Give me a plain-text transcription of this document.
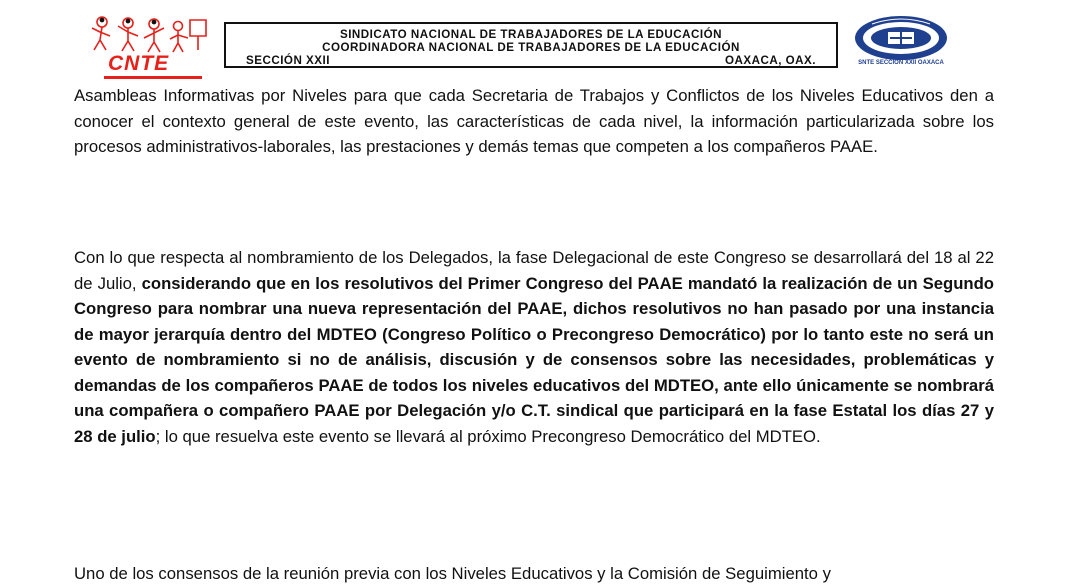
CNTE
SINDICATO NACIONAL DE TRABAJADORES DE LA EDUCACIÓN
COORDINADORA NACIONAL DE TRABAJADORES DE LA EDUCACIÓN
SECCIÓN XXII	OAXACA, OAX.	SNTE SECCION XXII OAXACA

Asambleas Informativas por Niveles para que cada Secretaria de Trabajos y Conflictos de los Niveles Educativos den a conocer el contexto general de este evento, las características de cada nivel, la información particularizada sobre los procesos administrativos-laborales, las prestaciones y demás temas que competen a los compañeros PAAE.

Con lo que respecta al nombramiento de los Delegados, la fase Delegacional de este Congreso se desarrollará del 18 al 22 de Julio, considerando que en los resolutivos del Primer Congreso del PAAE mandató la realización de un Segundo Congreso para nombrar una nueva representación del PAAE, dichos resolutivos no han pasado por una instancia de mayor jerarquía dentro del MDTEO (Congreso Político o Precongreso Democrático) por lo tanto este no será un evento de nombramiento si no de análisis, discusión y de consensos sobre las necesidades, problemáticas y demandas de los compañeros PAAE de todos los niveles educativos del MDTEO, ante ello únicamente se nombrará una compañera o compañero PAAE por Delegación y/o C.T. sindical que participará en la fase Estatal los días 27 y 28 de julio; lo que resuelva este evento se llevará al próximo Precongreso Democrático del MDTEO.

Uno de los consensos de la reunión previa con los Niveles Educativos y la Comisión de Seguimiento y
